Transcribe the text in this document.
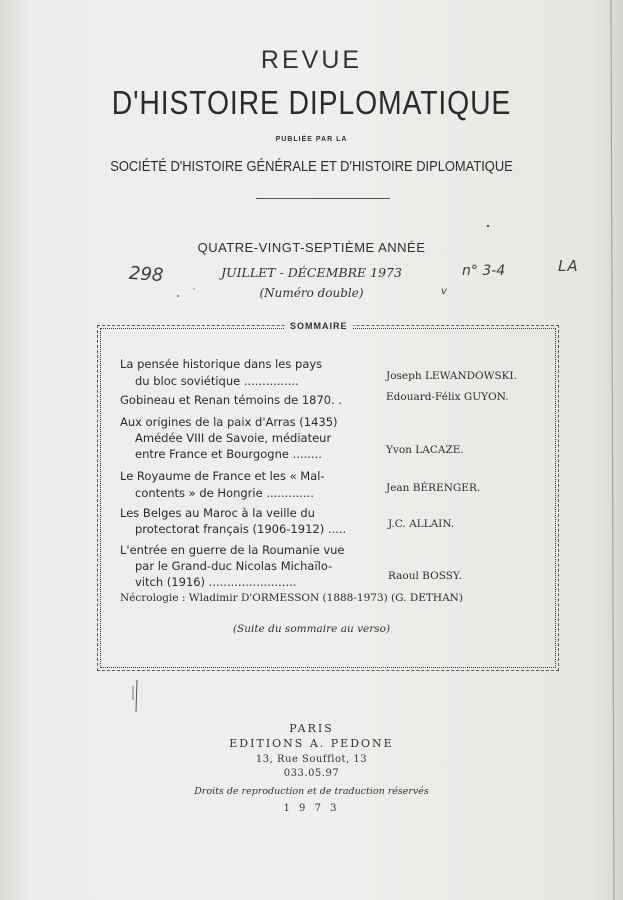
REVUE
D'HISTOIRE DIPLOMATIQUE
PUBLIÉE PAR LA
SOCIÉTÉ D'HISTOIRE GÉNÉRALE ET D'HISTOIRE DIPLOMATIQUE
QUATRE-VINGT-SEPTIÈME ANNÉE
JUILLET - DÉCEMBRE 1973
(Numéro double)
298	n° 3-4	LA
v
SOMMAIRE
La pensée historique dans les pays
du bloc soviétique ...............	Joseph LEWANDOWSKI.
Gobineau et Renan témoins de 1870. .	Edouard-Félix GUYON.
Aux origines de la paix d'Arras (1435)
Amédée VIII de Savoie, médiateur
entre France et Bourgogne ........	Yvon LACAZE.
Le Royaume de France et les « Mal-
contents » de Hongrie .............	Jean BÉRENGER.
Les Belges au Maroc à la veille du
protectorat français (1906-1912) .....	J.C. ALLAIN.
L'entrée en guerre de la Roumanie vue
par le Grand-duc Nicolas Michaïlo-
vitch (1916) ........................	Raoul BOSSY.
Nécrologie : Wladimir D'ORMESSON (1888-1973) (G. DETHAN)
(Suite du sommaire au verso)
PARIS
EDITIONS A. PEDONE
13, Rue Soufflot, 13
033.05.97
Droits de reproduction et de traduction réservés
1 9 7 3
